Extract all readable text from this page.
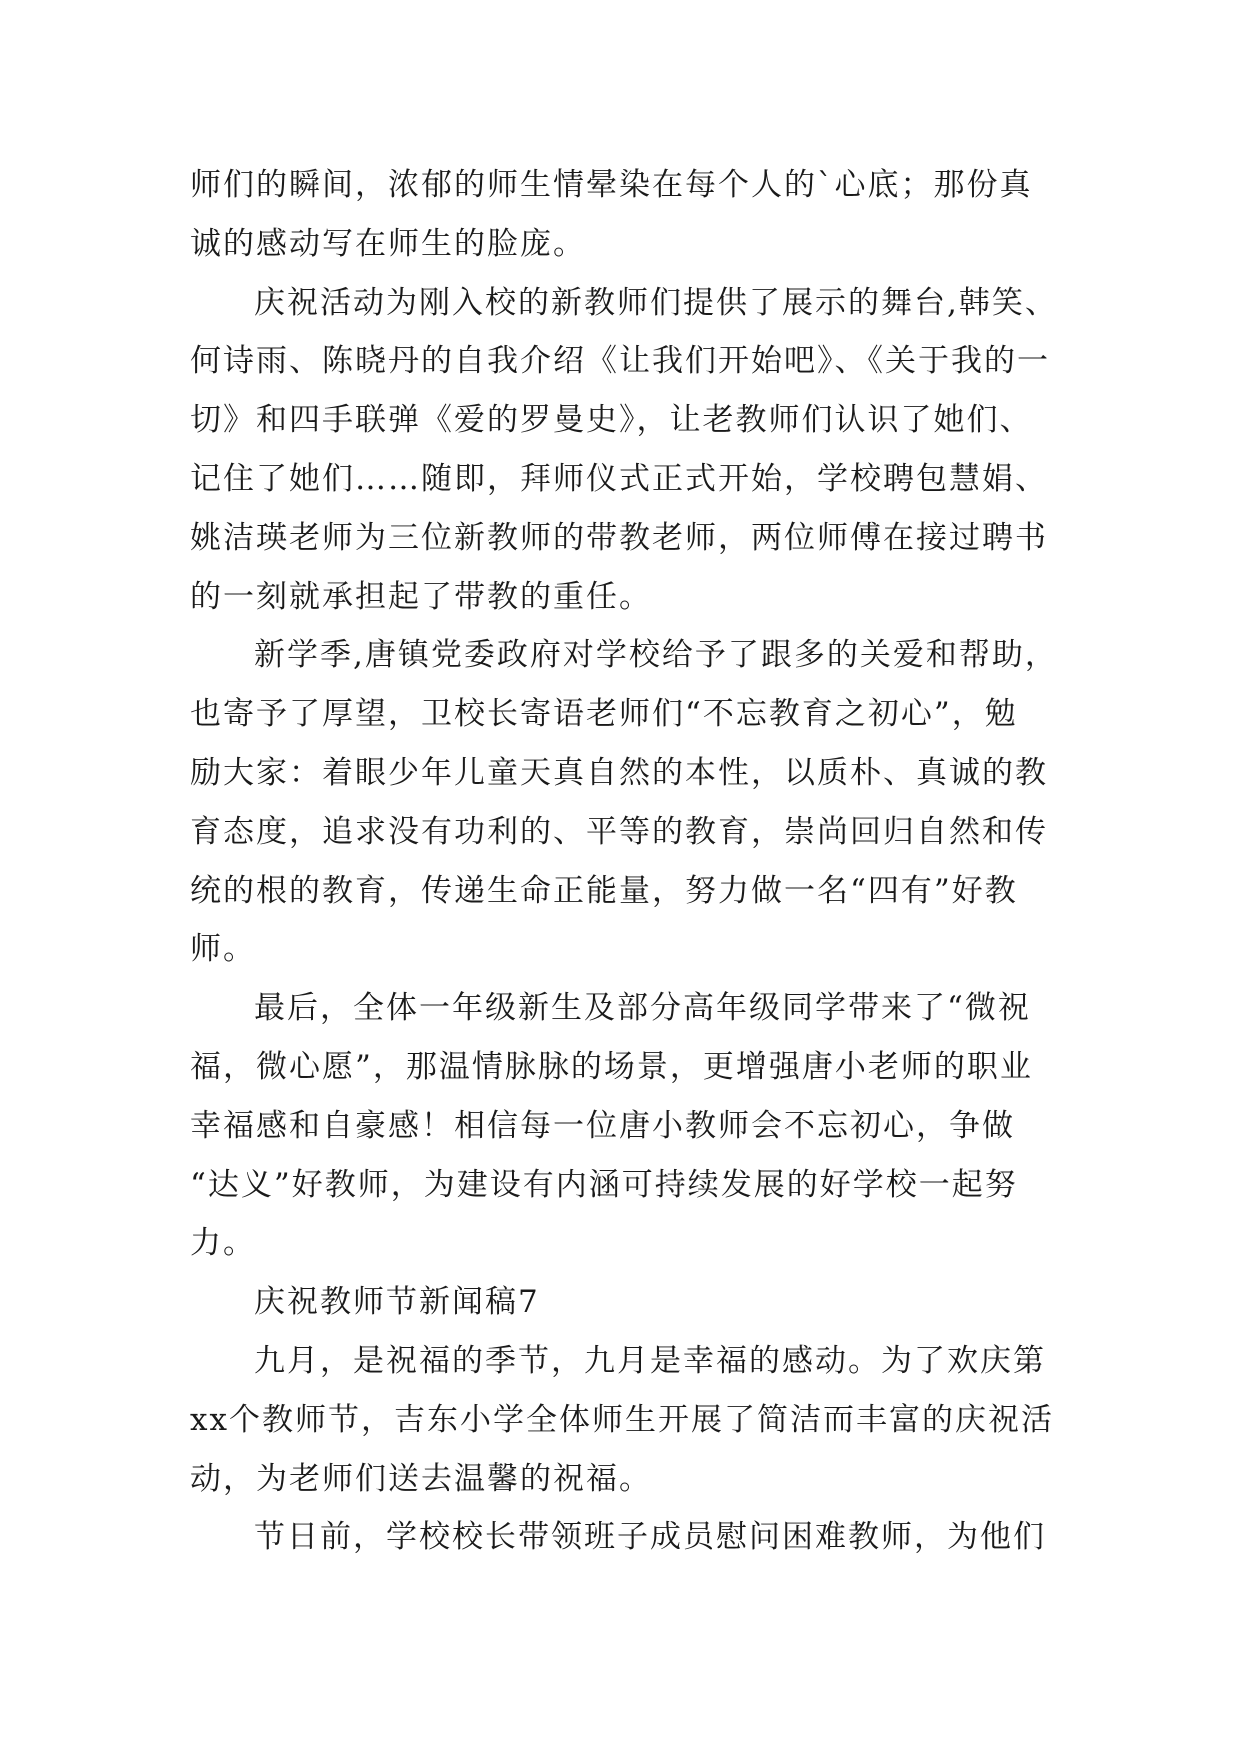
师们的瞬间，浓郁的师生情晕染在每个人的`心底；那份真
诚的感动写在师生的脸庞。
庆祝活动为刚入校的新教师们提供了展示的舞台,韩笑、
何诗雨、陈晓丹的自我介绍《让我们开始吧》、《关于我的一
切》和四手联弹《爱的罗曼史》，让老教师们认识了她们、
记住了她们……随即，拜师仪式正式开始，学校聘包慧娟、
姚洁瑛老师为三位新教师的带教老师，两位师傅在接过聘书
的一刻就承担起了带教的重任。
新学季,唐镇党委政府对学校给予了跟多的关爱和帮助，
也寄予了厚望，卫校长寄语老师们“不忘教育之初心”，勉
励大家：着眼少年儿童天真自然的本性，以质朴、真诚的教
育态度，追求没有功利的、平等的教育，崇尚回归自然和传
统的根的教育，传递生命正能量，努力做一名“四有”好教
师。
最后，全体一年级新生及部分高年级同学带来了“微祝
福，微心愿”，那温情脉脉的场景，更增强唐小老师的职业
幸福感和自豪感！相信每一位唐小教师会不忘初心，争做
“达义”好教师，为建设有内涵可持续发展的好学校一起努
力。
庆祝教师节新闻稿7
九月，是祝福的季节，九月是幸福的感动。为了欢庆第
xx个教师节，吉东小学全体师生开展了简洁而丰富的庆祝活
动，为老师们送去温馨的祝福。
节日前，学校校长带领班子成员慰问困难教师，为他们
